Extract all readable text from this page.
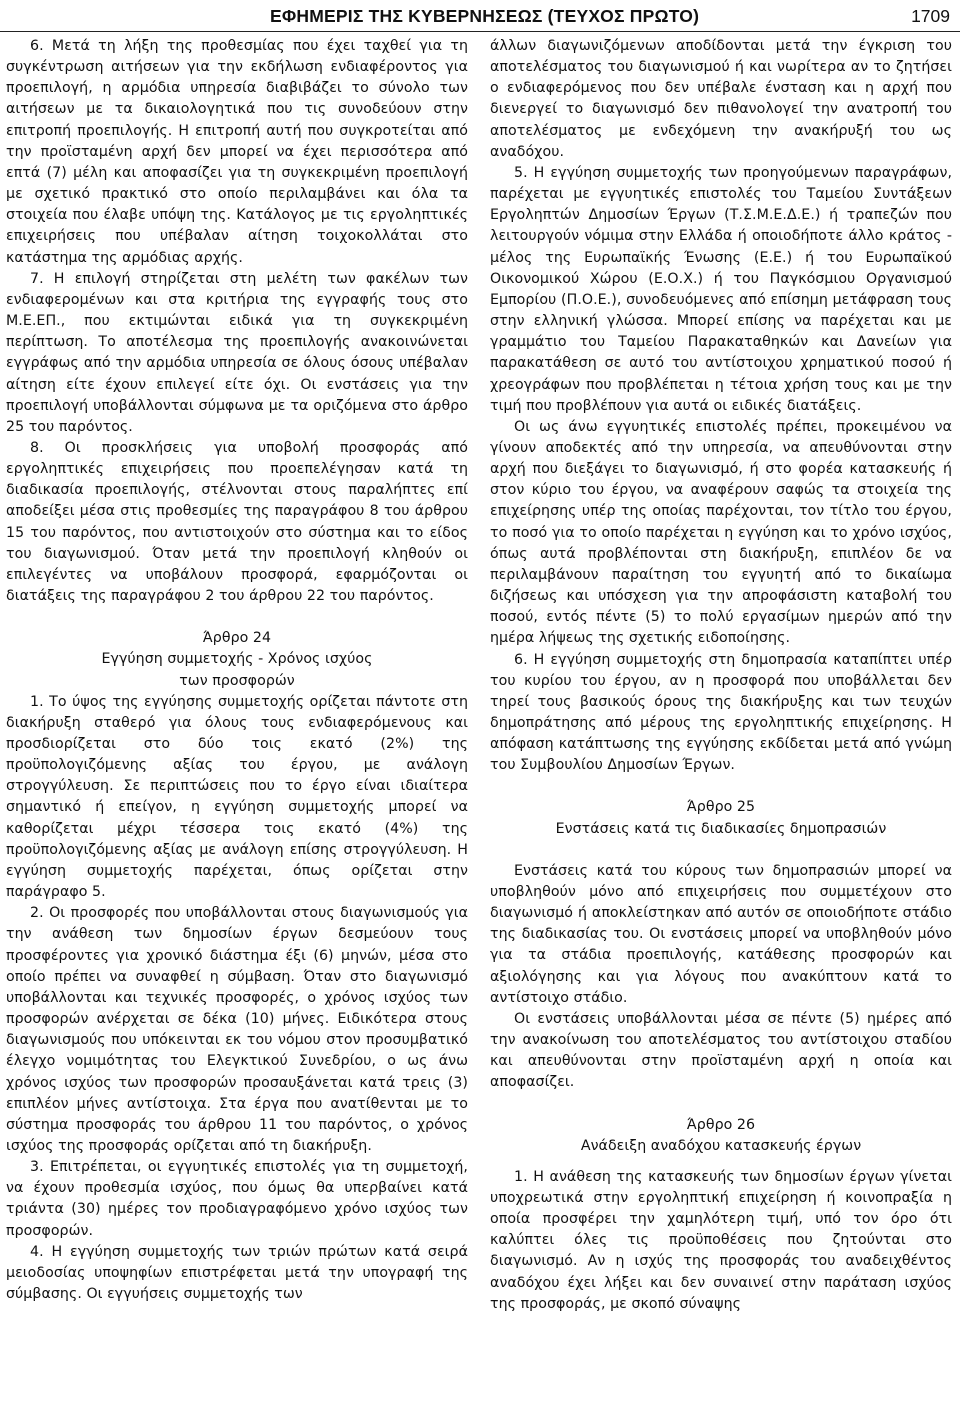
ΕΦΗΜΕΡΙΣ ΤΗΣ ΚΥΒΕΡΝΗΣΕΩΣ (ΤΕΥΧΟΣ ΠΡΩΤΟ)	1709

6. Μετά τη λήξη της προθεσμίας που έχει ταχθεί για τη συγκέντρωση αιτήσεων για την εκδήλωση ενδιαφέροντος για προεπιλογή, η αρμόδια υπηρεσία διαβιβάζει το σύνολο των αιτήσεων με τα δικαιολογητικά που τις συνοδεύουν στην επιτροπή προεπιλογής. Η επιτροπή αυτή που συγκροτείται από την προϊσταμένη αρχή δεν μπορεί να έχει περισσότερα από επτά (7) μέλη και αποφασίζει για τη συγκεκριμένη προεπιλογή με σχετικό πρακτικό στο οποίο περιλαμβάνει και όλα τα στοιχεία που έλαβε υπόψη της. Κατάλογος με τις εργοληπτικές επιχειρήσεις που υπέβαλαν αίτηση τοιχοκολλάται στο κατάστημα της αρμόδιας αρχής.

7. Η επιλογή στηρίζεται στη μελέτη των φακέλων των ενδιαφερομένων και στα κριτήρια της εγγραφής τους στο Μ.Ε.ΕΠ., που εκτιμώνται ειδικά για τη συγκεκριμένη περίπτωση. Το αποτέλεσμα της προεπιλογής ανακοινώνεται εγγράφως από την αρμόδια υπηρεσία σε όλους όσους υπέβαλαν αίτηση είτε έχουν επιλεγεί είτε όχι. Οι ενστάσεις για την προεπιλογή υποβάλλονται σύμφωνα με τα οριζόμενα στο άρθρο 25 του παρόντος.

8. Οι προσκλήσεις για υποβολή προσφοράς από εργοληπτικές επιχειρήσεις που προεπελέγησαν κατά τη διαδικασία προεπιλογής, στέλνονται στους παραλήπτες επί αποδείξει μέσα στις προθεσμίες της παραγράφου 8 του άρθρου 15 του παρόντος, που αντιστοιχούν στο σύστημα και το είδος του διαγωνισμού. Όταν μετά την προεπιλογή κληθούν οι επιλεγέντες να υποβάλουν προσφορά, εφαρμόζονται οι διατάξεις της παραγράφου 2 του άρθρου 22 του παρόντος.

Άρθρο 24

Εγγύηση συμμετοχής - Χρόνος ισχύος

των προσφορών

1. Το ύψος της εγγύησης συμμετοχής ορίζεται πάντοτε στη διακήρυξη σταθερό για όλους τους ενδιαφερόμενους και προσδιορίζεται στο δύο τοις εκατό (2%) της προϋπολογιζόμενης αξίας του έργου, με ανάλογη στρογγύλευση. Σε περιπτώσεις που το έργο είναι ιδιαίτερα σημαντικό ή επείγον, η εγγύηση συμμετοχής μπορεί να καθορίζεται μέχρι τέσσερα τοις εκατό (4%) της προϋπολογιζόμενης αξίας με ανάλογη επίσης στρογγύλευση. Η εγγύηση συμμετοχής παρέχεται, όπως ορίζεται στην παράγραφο 5.

2. Οι προσφορές που υποβάλλονται στους διαγωνισμούς για την ανάθεση των δημοσίων έργων δεσμεύουν τους προσφέροντες για χρονικό διάστημα έξι (6) μηνών, μέσα στο οποίο πρέπει να συναφθεί η σύμβαση. Όταν στο διαγωνισμό υποβάλλονται και τεχνικές προσφορές, ο χρόνος ισχύος των προσφορών ανέρχεται σε δέκα (10) μήνες. Ειδικότερα στους διαγωνισμούς που υπόκεινται εκ του νόμου στον προσυμβατικό έλεγχο νομιμότητας του Ελεγκτικού Συνεδρίου, ο ως άνω χρόνος ισχύος των προσφορών προσαυξάνεται κατά τρεις (3) επιπλέον μήνες αντίστοιχα. Στα έργα που ανατίθενται με το σύστημα προσφοράς του άρθρου 11 του παρόντος, ο χρόνος ισχύος της προσφοράς ορίζεται από τη διακήρυξη.

3. Επιτρέπεται, οι εγγυητικές επιστολές για τη συμμετοχή, να έχουν προθεσμία ισχύος, που όμως θα υπερβαίνει κατά τριάντα (30) ημέρες τον προδιαγραφόμενο χρόνο ισχύος των προσφορών.

4. Η εγγύηση συμμετοχής των τριών πρώτων κατά σειρά μειοδοσίας υποψηφίων επιστρέφεται μετά την υπογραφή της σύμβασης. Οι εγγυήσεις συμμετοχής των

άλλων διαγωνιζόμενων αποδίδονται μετά την έγκριση του αποτελέσματος του διαγωνισμού ή και νωρίτερα αν το ζητήσει ο ενδιαφερόμενος που δεν υπέβαλε ένσταση και η αρχή που διενεργεί το διαγωνισμό δεν πιθανολογεί την ανατροπή του αποτελέσματος με ενδεχόμενη την ανακήρυξή του ως αναδόχου.

5. Η εγγύηση συμμετοχής των προηγούμενων παραγράφων, παρέχεται με εγγυητικές επιστολές του Ταμείου Συντάξεων Εργοληπτών Δημοσίων Έργων (Τ.Σ.Μ.Ε.Δ.Ε.) ή τραπεζών που λειτουργούν νόμιμα στην Ελλάδα ή οποιοδήποτε άλλο κράτος - μέλος της Ευρωπαϊκής Ένωσης (Ε.Ε.) ή του Ευρωπαϊκού Οικονομικού Χώρου (Ε.Ο.Χ.) ή του Παγκόσμιου Οργανισμού Εμπορίου (Π.Ο.Ε.), συνοδευόμενες από επίσημη μετάφραση τους στην ελληνική γλώσσα. Μπορεί επίσης να παρέχεται και με γραμμάτιο του Ταμείου Παρακαταθηκών και Δανείων για παρακατάθεση σε αυτό του αντίστοιχου χρηματικού ποσού ή χρεογράφων που προβλέπεται η τέτοια χρήση τους και με την τιμή που προβλέπουν για αυτά οι ειδικές διατάξεις.

Οι ως άνω εγγυητικές επιστολές πρέπει, προκειμένου να γίνουν αποδεκτές από την υπηρεσία, να απευθύνονται στην αρχή που διεξάγει το διαγωνισμό, ή στο φορέα κατασκευής ή στον κύριο του έργου, να αναφέρουν σαφώς τα στοιχεία της επιχείρησης υπέρ της οποίας παρέχονται, τον τίτλο του έργου, το ποσό για το οποίο παρέχεται η εγγύηση και το χρόνο ισχύος, όπως αυτά προβλέπονται στη διακήρυξη, επιπλέον δε να περιλαμβάνουν παραίτηση του εγγυητή από το δικαίωμα διζήσεως και υπόσχεση για την απροφάσιστη καταβολή του ποσού, εντός πέντε (5) το πολύ εργασίμων ημερών από την ημέρα λήψεως της σχετικής ειδοποίησης.

6. Η εγγύηση συμμετοχής στη δημοπρασία καταπίπτει υπέρ του κυρίου του έργου, αν η προσφορά που υποβάλλεται δεν τηρεί τους βασικούς όρους της διακήρυξης και των τευχών δημοπράτησης από μέρους της εργοληπτικής επιχείρησης. Η απόφαση κατάπτωσης της εγγύησης εκδίδεται μετά από γνώμη του Συμβουλίου Δημοσίων Έργων.

Άρθρο 25

Ενστάσεις κατά τις διαδικασίες δημοπρασιών

Ενστάσεις κατά του κύρους των δημοπρασιών μπορεί να υποβληθούν μόνο από επιχειρήσεις που συμμετέχουν στο διαγωνισμό ή αποκλείστηκαν από αυτόν σε οποιοδήποτε στάδιο της διαδικασίας του. Οι ενστάσεις μπορεί να υποβληθούν μόνο για τα στάδια προεπιλογής, κατάθεσης προσφορών και αξιολόγησης και για λόγους που ανακύπτουν κατά το αντίστοιχο στάδιο.

Οι ενστάσεις υποβάλλονται μέσα σε πέντε (5) ημέρες από την ανακοίνωση του αποτελέσματος του αντίστοιχου σταδίου και απευθύνονται στην προϊσταμένη αρχή η οποία και αποφασίζει.

Άρθρο 26

Ανάδειξη αναδόχου κατασκευής έργων

1. Η ανάθεση της κατασκευής των δημοσίων έργων γίνεται υποχρεωτικά στην εργοληπτική επιχείρηση ή κοινοπραξία η οποία προσφέρει την χαμηλότερη τιμή, υπό τον όρο ότι καλύπτει όλες τις προϋποθέσεις που ζητούνται στο διαγωνισμό. Αν η ισχύς της προσφοράς του αναδειχθέντος αναδόχου έχει λήξει και δεν συναινεί στην παράταση ισχύος της προσφοράς, με σκοπό σύναψης
